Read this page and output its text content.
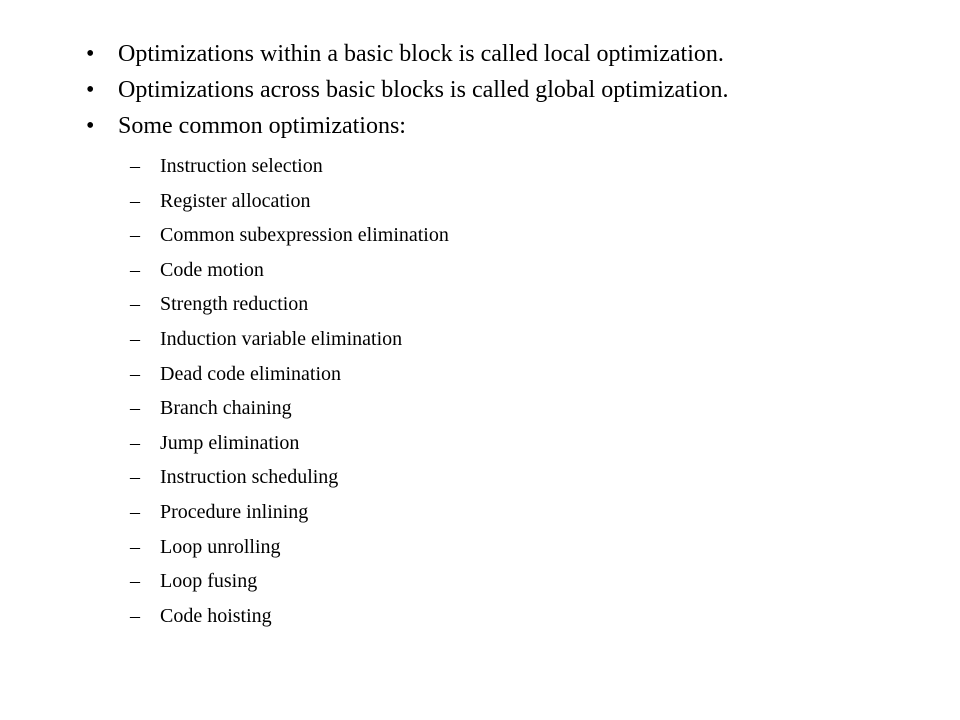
• Optimizations within a basic block is called local optimization.
• Optimizations across basic blocks is called global optimization.
• Some common optimizations:
– Instruction selection
– Register allocation
– Common subexpression elimination
– Code motion
– Strength reduction
– Induction variable elimination
– Dead code elimination
– Branch chaining
– Jump elimination
– Instruction scheduling
– Procedure inlining
– Loop unrolling
– Loop fusing
– Code hoisting
